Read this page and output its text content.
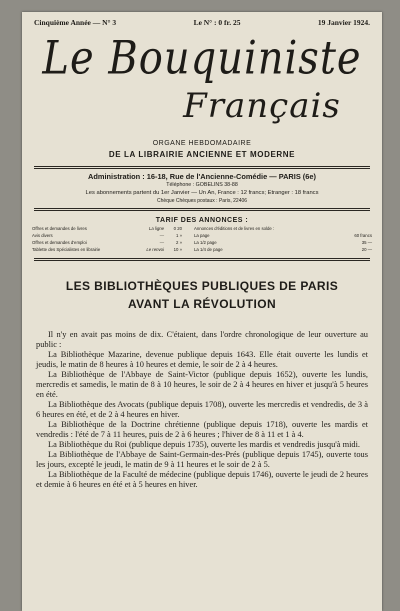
Cinquième Année — N° 3	Le N° : 0 fr. 25	19 Janvier 1924.
Le Bouquiniste
Français
ORGANE HEBDOMADAIRE
DE LA LIBRAIRIE ANCIENNE ET MODERNE
Administration : 16-18, Rue de l'Ancienne-Comédie — PARIS (6e)
Téléphone : GOBELINS 38-88
Les abonnements partent du 1er Janvier — Un An, France : 12 francs; Etranger : 18 francs
Chèque Chèques postaux : Paris, 22406
TARIF DES ANNONCES :
Offres et demandes de livres	La ligne	0 20	Annonces d'éditions et de livres en solde :
Avis divers	—	1 »	La page	60 francs
Offres et demandes d'emploi	—	2 »	La 1/2 page	35 —
Tablette des Spécialistes en librairie	Le renvoi	10 »	La 1/4 de page	20 —
LES BIBLIOTHÈQUES PUBLIQUES DE PARIS
AVANT LA RÉVOLUTION

Il n'y en avait pas moins de dix. C'étaient, dans l'ordre chronologique de leur ouverture au public :

La Bibliothèque Mazarine, devenue publique depuis 1643. Elle était ouverte les lundis et jeudis, le matin de 8 heures à 10 heures et demie, le soir de 2 à 4 heures.

La Bibliothèque de l'Abbaye de Saint-Victor (publique depuis 1652), ouverte les lundis, mercredis et samedis, le matin de 8 à 10 heures, le soir de 2 à 4 heures en hiver et jusqu'à 5 heures en été.

La Bibliothèque des Avocats (publique depuis 1708), ouverte les mercredis et vendredis, de 3 à 6 heures en été, et de 2 à 4 heures en hiver.

La Bibliothèque de la Doctrine chrétienne (publique depuis 1718), ouverte les mardis et vendredis : l'été de 7 à 11 heures, puis de 2 à 6 heures ; l'hiver de 8 à 11 et 1 à 4.

La Bibliothèque du Roi (publique depuis 1735), ouverte les mardis et vendredis jusqu'à midi.

La Bibliothèque de l'Abbaye de Saint-Germain-des-Prés (publique depuis 1745), ouverte tous les jours, excepté le jeudi, le matin de 9 à 11 heures et le soir de 2 à 5.

La Bibliothèque de la Faculté de médecine (publique depuis 1746), ouverte le jeudi de 2 heures et demie à 6 heures en été et à 5 heures en hiver.
